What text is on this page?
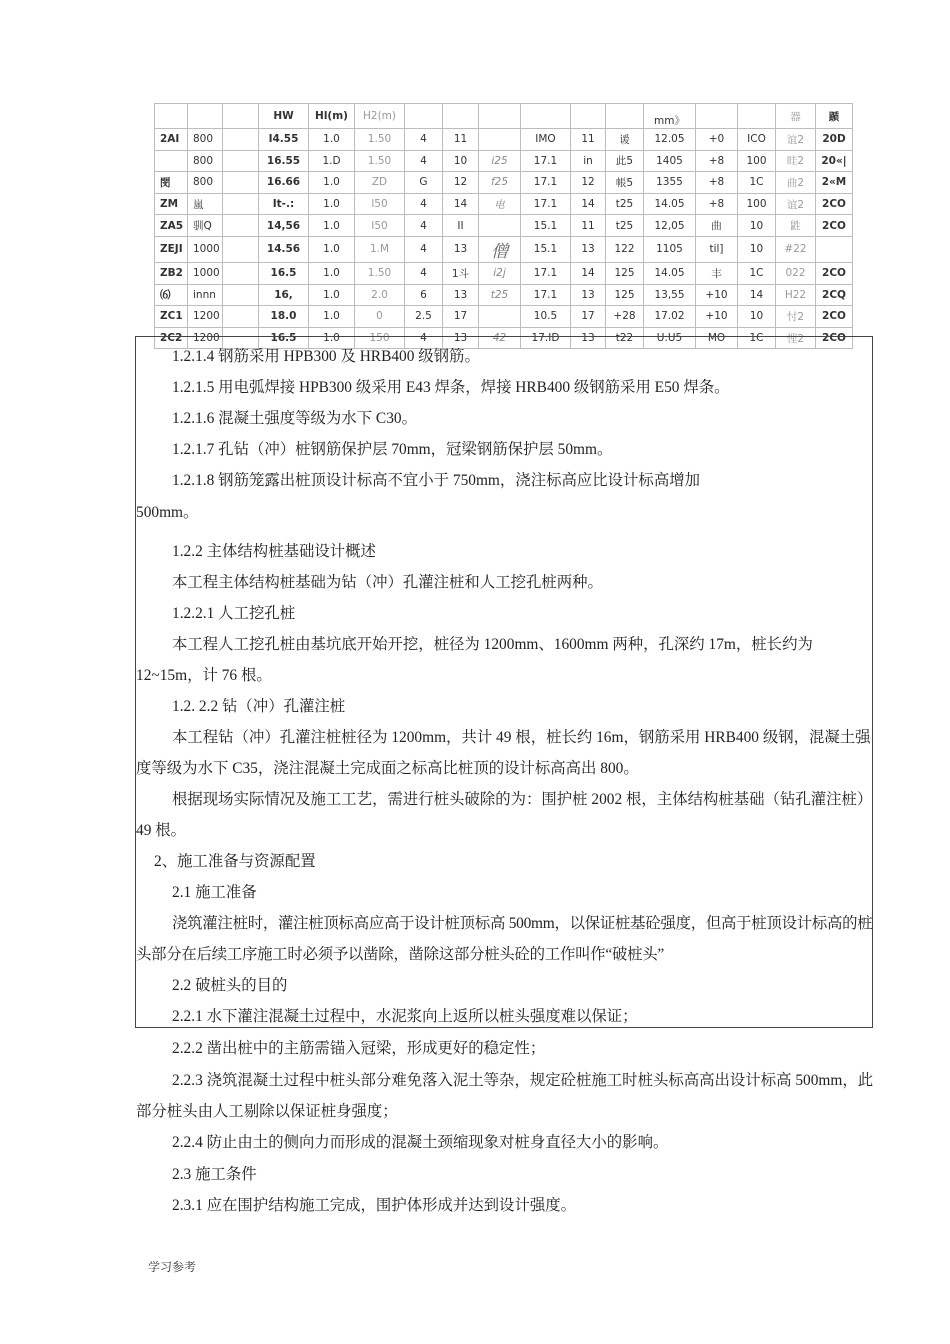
			HW	Hl(m)	H2(m)							mm》			器	踬
2AI	800		I4.55	1.0	1.50	4	11		IMO	11	谖	12.05	+0	ICO	谊2	20D
	800		16.55	1.D	1.50	4	10	i25	17.1	in	此5	1405	+8	100	眭2	20«|
閔	800		16.66	1.0	ZD	G	12	f25	17.1	12	帳5	1355	+8	1C	曲2	2«M
ZM	嵐		It-.:	1.0	l50	4	14	电	17.1	14	t25	14.05	+8	100	谊2	2CO
ZA5	驯Q		14,56	1.0	I50	4	II		15.1	11	t25	12,05	曲	10	鼪	2CO
ZEJI	1000		14.56	1.0	1.M	4	13	僧	15.1	13	122	1105	til]	10	#22	
ZB2	1000		16.5	1.0	1.50	4	1斗	i2j	17.1	14	125	14.05	丰	1C	022	2CO
⑹	innn		16,	1.0	2.0	6	13	t25	17.1	13	125	13,55	+10	14	H22	2CQ
ZC1	1200		18.0	1.0	0	2.5	17		10.5	17	+28	17.02	+10	10	忖2	2CO
2C2	1200		16.5	1.0	150	4	13	42	17.ID	13	t22	U.U5	MO	1C	悝2	2CO

1.2.1.4 钢筋采用 HPB300 及 HRB400 级钢筋。

1.2.1.5 用电弧焊接 HPB300 级采用 E43 焊条，焊接 HRB400 级钢筋采用 E50 焊条。

1.2.1.6 混凝土强度等级为水下 C30。

1.2.1.7 孔钻（冲）桩钢筋保护层 70mm，冠梁钢筋保护层 50mm。

1.2.1.8 钢筋笼露出桩顶设计标高不宜小于 750mm，浇注标高应比设计标高增加

500mm。

1.2.2 主体结构桩基础设计概述

本工程主体结构桩基础为钻（冲）孔灌注桩和人工挖孔桩两种。

1.2.2.1 人工挖孔桩

本工程人工挖孔桩由基坑底开始开挖，桩径为 1200mm、1600mm 两种，孔深约 17m，桩长约为 12~15m，计 76 根。

1.2. 2.2 钻（冲）孔灌注桩

本工程钻（冲）孔灌注桩桩径为 1200mm，共计 49 根，桩长约 16m，钢筋采用 HRB400 级钢，混凝土强度等级为水下 C35，浇注混凝土完成面之标高比桩顶的设计标高高出 800。

根据现场实际情况及施工工艺，需进行桩头破除的为：围护桩 2002 根，主体结构桩基础（钻孔灌注桩）49 根。

2、施工准备与资源配置

2.1 施工准备

浇筑灌注桩时，灌注桩顶标高应高于设计桩顶标高 500mm，以保证桩基砼强度，但高于桩顶设计标高的桩头部分在后续工序施工时必须予以凿除，凿除这部分桩头砼的工作叫作“破桩头”

2.2 破桩头的目的

2.2.1 水下灌注混凝土过程中，水泥浆向上返所以桩头强度难以保证；

2.2.2 凿出桩中的主筋需锚入冠梁，形成更好的稳定性；

2.2.3 浇筑混凝土过程中桩头部分难免落入泥土等杂，规定砼桩施工时桩头标高高出设计标高 500mm，此部分桩头由人工剔除以保证桩身强度；

2.2.4 防止由土的侧向力而形成的混凝土颈缩现象对桩身直径大小的影响。

2.3 施工条件

2.3.1 应在围护结构施工完成，围护体形成并达到设计强度。

学习参考
